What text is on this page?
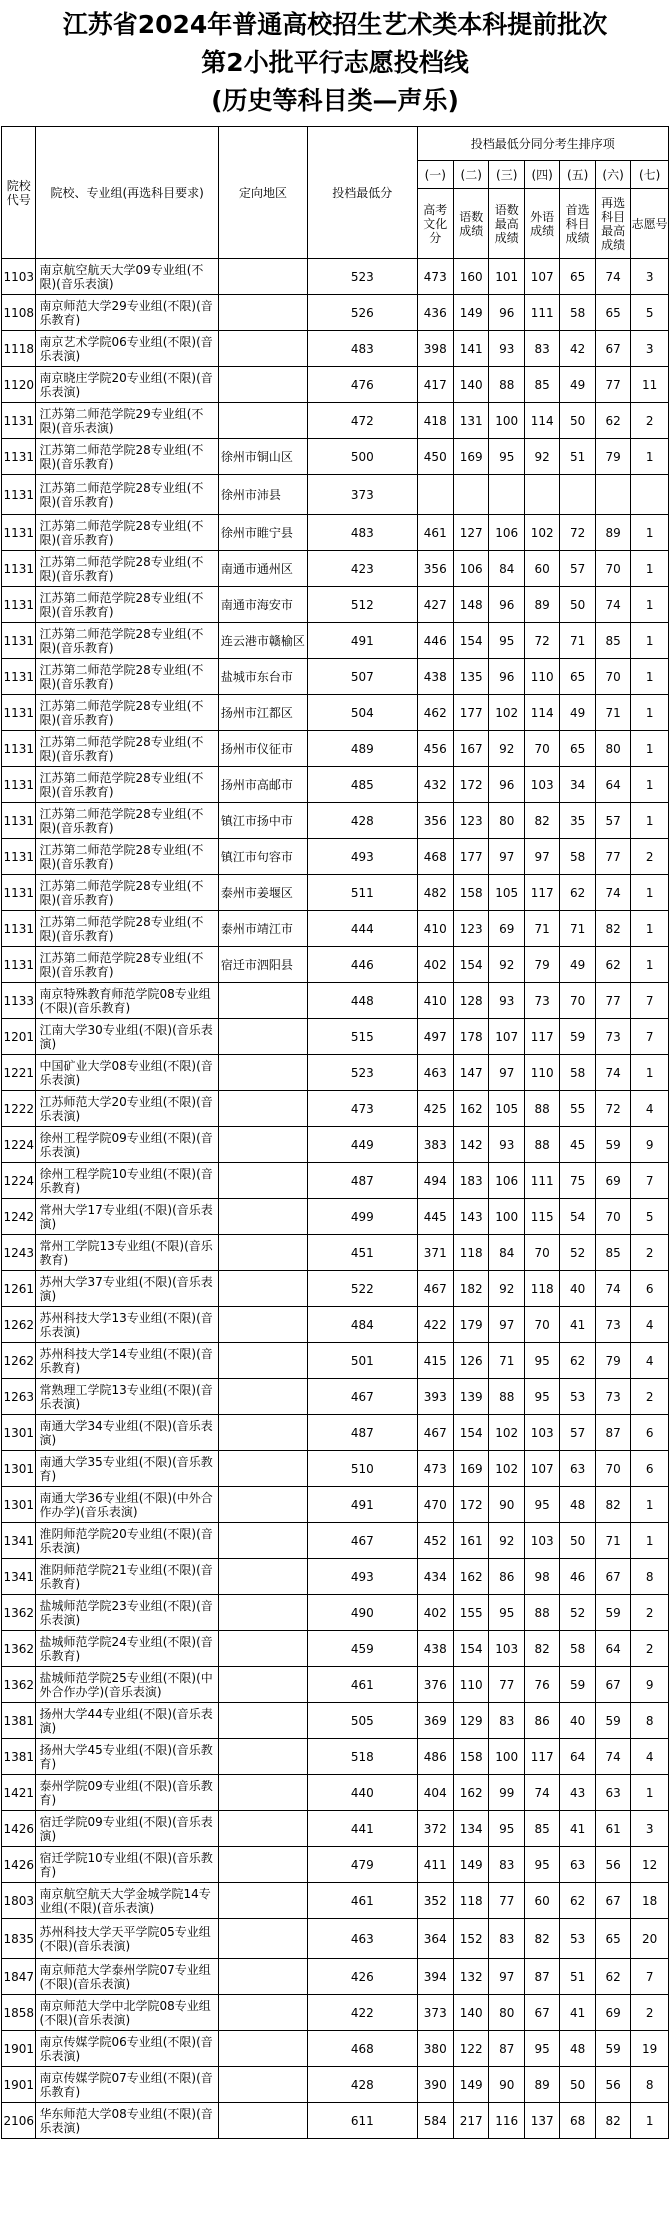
江苏省2024年普通高校招生艺术类本科提前批次
第2小批平行志愿投档线
(历史等科目类—声乐)
院校代号	院校、专业组(再选科目要求)	定向地区	投档最低分	投档最低分同分考生排序项						
				(一)	(二)	(三)	(四)	(五)	(六)	(七)
				高考文化分	语数成绩	语数最高成绩	外语成绩	首选科目成绩	再选科目最高成绩	志愿号
1103	南京航空航天大学09专业组(不限)(音乐表演)		523	473	160	101	107	65	74	3
1108	南京师范大学29专业组(不限)(音乐教育)		526	436	149	96	111	58	65	5
1118	南京艺术学院06专业组(不限)(音乐表演)		483	398	141	93	83	42	67	3
1120	南京晓庄学院20专业组(不限)(音乐表演)		476	417	140	88	85	49	77	11
1131	江苏第二师范学院29专业组(不限)(音乐表演)		472	418	131	100	114	50	62	2
1131	江苏第二师范学院28专业组(不限)(音乐教育)	徐州市铜山区	500	450	169	95	92	51	79	1
1131	江苏第二师范学院28专业组(不限)(音乐教育)	徐州市沛县	373							
1131	江苏第二师范学院28专业组(不限)(音乐教育)	徐州市睢宁县	483	461	127	106	102	72	89	1
1131	江苏第二师范学院28专业组(不限)(音乐教育)	南通市通州区	423	356	106	84	60	57	70	1
1131	江苏第二师范学院28专业组(不限)(音乐教育)	南通市海安市	512	427	148	96	89	50	74	1
1131	江苏第二师范学院28专业组(不限)(音乐教育)	连云港市赣榆区	491	446	154	95	72	71	85	1
1131	江苏第二师范学院28专业组(不限)(音乐教育)	盐城市东台市	507	438	135	96	110	65	70	1
1131	江苏第二师范学院28专业组(不限)(音乐教育)	扬州市江都区	504	462	177	102	114	49	71	1
1131	江苏第二师范学院28专业组(不限)(音乐教育)	扬州市仪征市	489	456	167	92	70	65	80	1
1131	江苏第二师范学院28专业组(不限)(音乐教育)	扬州市高邮市	485	432	172	96	103	34	64	1
1131	江苏第二师范学院28专业组(不限)(音乐教育)	镇江市扬中市	428	356	123	80	82	35	57	1
1131	江苏第二师范学院28专业组(不限)(音乐教育)	镇江市句容市	493	468	177	97	97	58	77	2
1131	江苏第二师范学院28专业组(不限)(音乐教育)	泰州市姜堰区	511	482	158	105	117	62	74	1
1131	江苏第二师范学院28专业组(不限)(音乐教育)	泰州市靖江市	444	410	123	69	71	71	82	1
1131	江苏第二师范学院28专业组(不限)(音乐教育)	宿迁市泗阳县	446	402	154	92	79	49	62	1
1133	南京特殊教育师范学院08专业组(不限)(音乐教育)		448	410	128	93	73	70	77	7
1201	江南大学30专业组(不限)(音乐表演)		515	497	178	107	117	59	73	7
1221	中国矿业大学08专业组(不限)(音乐表演)		523	463	147	97	110	58	74	1
1222	江苏师范大学20专业组(不限)(音乐表演)		473	425	162	105	88	55	72	4
1224	徐州工程学院09专业组(不限)(音乐表演)		449	383	142	93	88	45	59	9
1224	徐州工程学院10专业组(不限)(音乐教育)		487	494	183	106	111	75	69	7
1242	常州大学17专业组(不限)(音乐表演)		499	445	143	100	115	54	70	5
1243	常州工学院13专业组(不限)(音乐教育)		451	371	118	84	70	52	85	2
1261	苏州大学37专业组(不限)(音乐表演)		522	467	182	92	118	40	74	6
1262	苏州科技大学13专业组(不限)(音乐表演)		484	422	179	97	70	41	73	4
1262	苏州科技大学14专业组(不限)(音乐教育)		501	415	126	71	95	62	79	4
1263	常熟理工学院13专业组(不限)(音乐表演)		467	393	139	88	95	53	73	2
1301	南通大学34专业组(不限)(音乐表演)		487	467	154	102	103	57	87	6
1301	南通大学35专业组(不限)(音乐教育)		510	473	169	102	107	63	70	6
1301	南通大学36专业组(不限)(中外合作办学)(音乐表演)		491	470	172	90	95	48	82	1
1341	淮阴师范学院20专业组(不限)(音乐表演)		467	452	161	92	103	50	71	1
1341	淮阴师范学院21专业组(不限)(音乐教育)		493	434	162	86	98	46	67	8
1362	盐城师范学院23专业组(不限)(音乐表演)		490	402	155	95	88	52	59	2
1362	盐城师范学院24专业组(不限)(音乐教育)		459	438	154	103	82	58	64	2
1362	盐城师范学院25专业组(不限)(中外合作办学)(音乐表演)		461	376	110	77	76	59	67	9
1381	扬州大学44专业组(不限)(音乐表演)		505	369	129	83	86	40	59	8
1381	扬州大学45专业组(不限)(音乐教育)		518	486	158	100	117	64	74	4
1421	泰州学院09专业组(不限)(音乐教育)		440	404	162	99	74	43	63	1
1426	宿迁学院09专业组(不限)(音乐表演)		441	372	134	95	85	41	61	3
1426	宿迁学院10专业组(不限)(音乐教育)		479	411	149	83	95	63	56	12
1803	南京航空航天大学金城学院14专业组(不限)(音乐表演)		461	352	118	77	60	62	67	18
1835	苏州科技大学天平学院05专业组(不限)(音乐表演)		463	364	152	83	82	53	65	20
1847	南京师范大学泰州学院07专业组(不限)(音乐表演)		426	394	132	97	87	51	62	7
1858	南京师范大学中北学院08专业组(不限)(音乐表演)		422	373	140	80	67	41	69	2
1901	南京传媒学院06专业组(不限)(音乐表演)		468	380	122	87	95	48	59	19
1901	南京传媒学院07专业组(不限)(音乐教育)		428	390	149	90	89	50	56	8
2106	华东师范大学08专业组(不限)(音乐表演)		611	584	217	116	137	68	82	1
